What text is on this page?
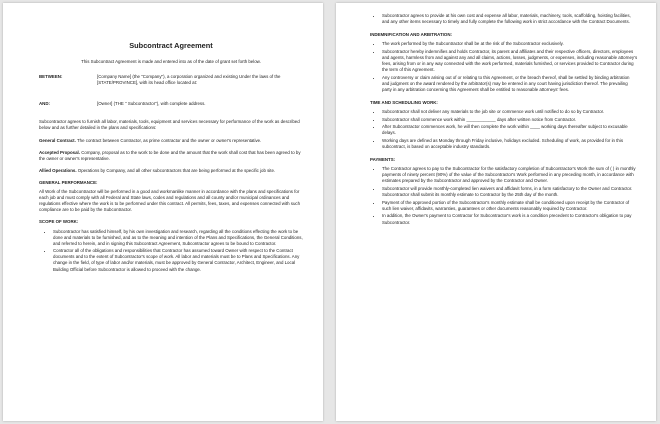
Subcontract Agreement

This Subcontract Agreement is made and entered into as of the date of grant set forth below.

BETWEEN:	[Company Name] (the "Company"), a corporation organized and existing Under the laws of the [STATE/PROVINCE], with its head office located at:
AND:	[Owner] (THE " Subcontractor"), with complete address.

Subcontractor agrees to furnish all labor, materials, tools, equipment and services necessary for performance of the work as described below and as further detailed in the plans and specifications:

General Contract. The contract between Contractor, as prime contractor and the owner or owner's representative.

Accepted Proposal. Company, proposal as to the work to be done and the amount that the work shall cost that has been agreed to by the owner or owner's representative.

Allied Operations. Operations by Company, and all other subcontractors that are being performed at the specific job site.

GENERAL PERFORMANCE:

All Work of the Subcontractor will be performed in a good and workmanlike manner in accordance with the plans and specifications for each job and must comply with all Federal and State laws, codes and regulations and all county and/or municipal ordinances and regulations effective where the work is to be performed under this contract. All permits, fees, taxes, and expenses connected with such compliance are to be paid by the Subcontractor.

SCOPE OF WORK:
• Subcontractor has satisfied himself, by his own investigation and research, regarding all the conditions effecting the work to be done and materials to be furnished, and as to the meaning and intention of the Plans and Specifications, the General Conditions, and referred to herein, and in signing this Subcontract Agreement, Subcontractor agrees to be bound to Contractor.
• Contractor all of the obligations and responsibilities that Contractor has assumed toward Owner with respect to the Contract documents and to the extent of Subcontractor's scope of work. All labor and materials must be to Plans and Specifications. Any change in the field, of type of labor and/or materials, must be approved by General Contractor, Architect, Engineer, and Local Building Official before Subcontractor is allowed to proceed with the change.
• Subcontractor agrees to provide at his own cost and expense all labor, materials, machinery, tools, scaffolding, hoisting facilities, and any other items necessary to timely and fully complete the following work in strict accordance with the Contract Documents.
INDEMNIFICATION AND ARBITRATION:
• The work performed by the Subcontractor shall be at the risk of the Subcontractor exclusively.
• Subcontractor hereby indemnifies and holds Contractor, its parent and affiliates and their respective officers, directors, employees and agents, harmless from and against any and all claims, actions, losses, judgments, or expenses, including reasonable attorney's fees, arising from or in any way connected with the work performed, materials furnished, or services provided to Contractor during the term of this Agreement.
• Any controversy or claim arising out of or relating to this Agreement, or the breach thereof, shall be settled by binding arbitration and judgment on the award rendered by the arbitrator(s) may be entered in any court having jurisdiction thereof. The prevailing party in any arbitration concerning this Agreement shall be entitled to reasonable attorneys' fees.
TIME AND SCHEDULING WORK:
• Subcontractor shall not deliver any materials to the job site or commence work until notified to do so by Contractor.
• Subcontractor shall commence work within ____________ days after written notice from Contractor.
• After Subcontractor commences work, he will then complete the work within ____ working days thereafter subject to excusable delays.
• Working days are defined as Monday through Friday inclusive, holidays excluded. Scheduling of work, as provided for in this subcontract, is based on acceptable industry standards.
PAYMENTS:
• The Contractor agrees to pay to the Subcontractor for the satisfactory completion of Subcontractor's Work the sum of ( ) in monthly payments of ninety percent (90%) of the value of the Subcontractor's Work performed in any preceding month, in accordance with estimates prepared by the Subcontractor and approved by the Contractor and Owner.
• Subcontractor will provide monthly-completed lien waivers and affidavit forms, in a form satisfactory to the Owner and Contractor. Subcontractor shall submit its monthly estimate to Contractor by the 25th day of the month.
• Payment of the approved portion of the Subcontractor's monthly estimate shall be conditioned upon receipt by the Contractor of such lien waiver, affidavits, warranties, guarantees or other documents reasonably required by Contractor.
• In addition, the Owner's payment to Contractor for Subcontractor's work is a condition precedent to Contractor's obligation to pay Subcontractor.
